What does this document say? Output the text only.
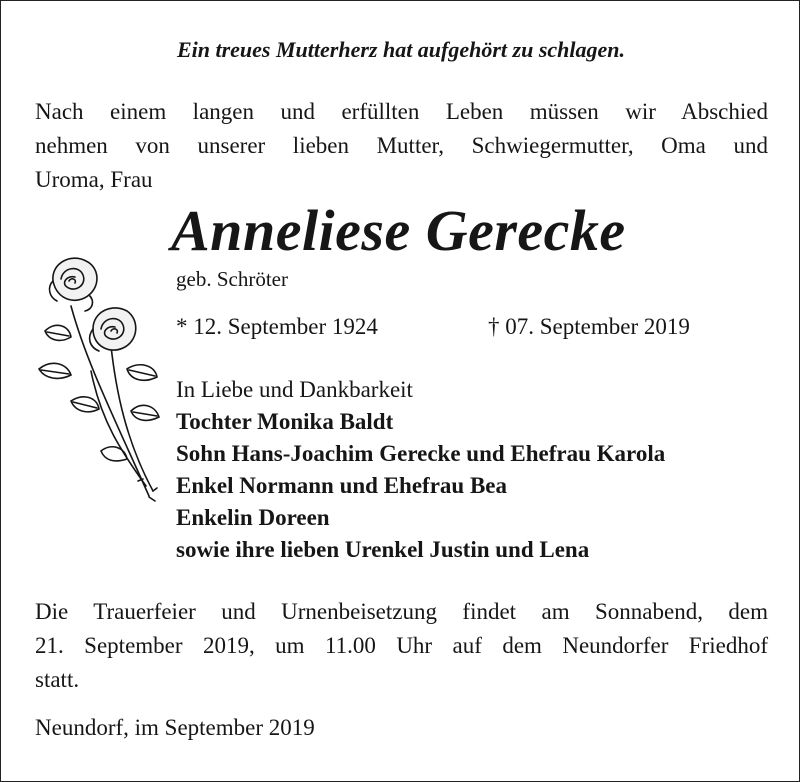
Ein treues Mutterherz hat aufgehört zu schlagen.
Nach einem langen und erfüllten Leben müssen wir Abschied
nehmen von unserer lieben Mutter, Schwiegermutter, Oma und
Uroma, Frau
Anneliese Gerecke
geb. Schröter
* 12. September 1924	† 07. September 2019
In Liebe und Dankbarkeit
Tochter Monika Baldt
Sohn Hans-Joachim Gerecke und Ehefrau Karola
Enkel Normann und Ehefrau Bea
Enkelin Doreen
sowie ihre lieben Urenkel Justin und Lena
Die Trauerfeier und Urnenbeisetzung findet am Sonnabend, dem
21. September 2019, um 11.00 Uhr auf dem Neundorfer Friedhof
statt.
Neundorf, im September 2019
